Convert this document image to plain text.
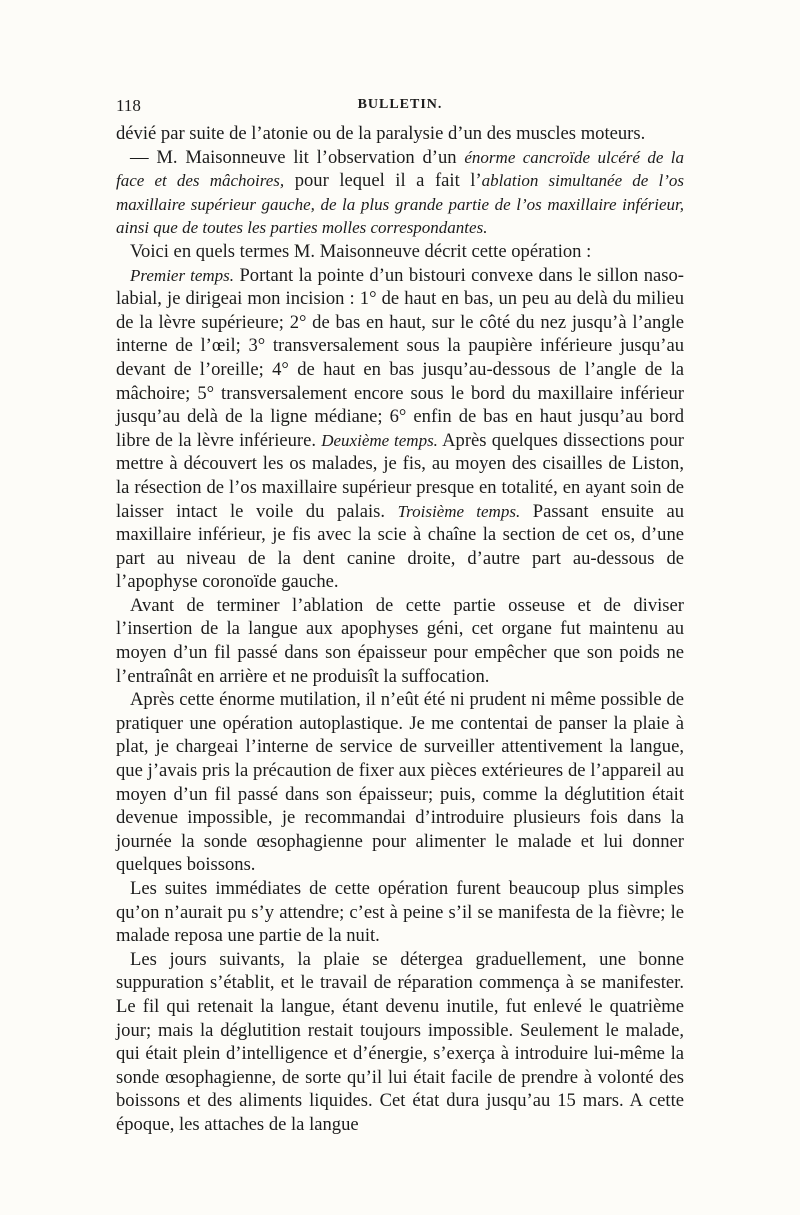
118	BULLETIN.

dévié par suite de l’atonie ou de la paralysie d’un des muscles moteurs.

— M. Maisonneuve lit l’observation d’un énorme cancroïde ulcéré de la face et des mâchoires, pour lequel il a fait l’ablation simultanée de l’os maxillaire supérieur gauche, de la plus grande partie de l’os maxillaire inférieur, ainsi que de toutes les parties molles correspondantes.

Voici en quels termes M. Maisonneuve décrit cette opération :

Premier temps. Portant la pointe d’un bistouri convexe dans le sillon naso-labial, je dirigeai mon incision : 1° de haut en bas, un peu au delà du milieu de la lèvre supérieure; 2° de bas en haut, sur le côté du nez jusqu’à l’angle interne de l’œil; 3° transversalement sous la paupière inférieure jusqu’au devant de l’oreille; 4° de haut en bas jusqu’au-dessous de l’angle de la mâchoire; 5° transversalement encore sous le bord du maxillaire inférieur jusqu’au delà de la ligne médiane; 6° enfin de bas en haut jusqu’au bord libre de la lèvre inférieure. Deuxième temps. Après quelques dissections pour mettre à découvert les os malades, je fis, au moyen des cisailles de Liston, la résection de l’os maxillaire supérieur presque en totalité, en ayant soin de laisser intact le voile du palais. Troisième temps. Passant ensuite au maxillaire inférieur, je fis avec la scie à chaîne la section de cet os, d’une part au niveau de la dent canine droite, d’autre part au-dessous de l’apophyse coronoïde gauche.

Avant de terminer l’ablation de cette partie osseuse et de diviser l’insertion de la langue aux apophyses géni, cet organe fut maintenu au moyen d’un fil passé dans son épaisseur pour empêcher que son poids ne l’entraînât en arrière et ne produisît la suffocation.

Après cette énorme mutilation, il n’eût été ni prudent ni même possible de pratiquer une opération autoplastique. Je me contentai de panser la plaie à plat, je chargeai l’interne de service de surveiller attentivement la langue, que j’avais pris la précaution de fixer aux pièces extérieures de l’appareil au moyen d’un fil passé dans son épaisseur; puis, comme la déglutition était devenue impossible, je recommandai d’introduire plusieurs fois dans la journée la sonde œsophagienne pour alimenter le malade et lui donner quelques boissons.

Les suites immédiates de cette opération furent beaucoup plus simples qu’on n’aurait pu s’y attendre; c’est à peine s’il se manifesta de la fièvre; le malade reposa une partie de la nuit.

Les jours suivants, la plaie se détergea graduellement, une bonne suppuration s’établit, et le travail de réparation commença à se manifester. Le fil qui retenait la langue, étant devenu inutile, fut enlevé le quatrième jour; mais la déglutition restait toujours impossible. Seulement le malade, qui était plein d’intelligence et d’énergie, s’exerça à introduire lui-même la sonde œsophagienne, de sorte qu’il lui était facile de prendre à volonté des boissons et des aliments liquides. Cet état dura jusqu’au 15 mars. A cette époque, les attaches de la langue
